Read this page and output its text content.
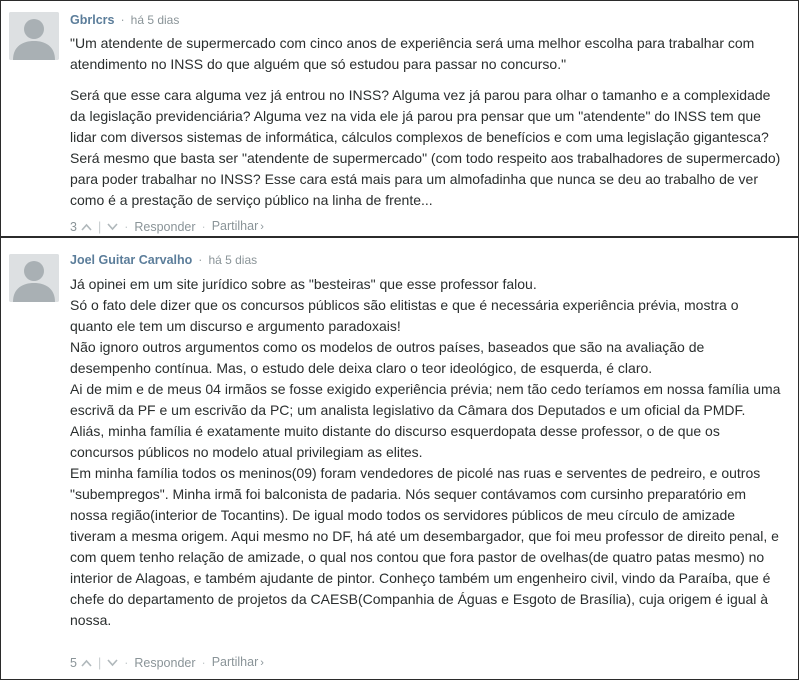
Gbrlcrs · há 5 dias

"Um atendente de supermercado com cinco anos de experiência será uma melhor escolha para trabalhar com atendimento no INSS do que alguém que só estudou para passar no concurso."

Será que esse cara alguma vez já entrou no INSS? Alguma vez já parou para olhar o tamanho e a complexidade da legislação previdenciária? Alguma vez na vida ele já parou pra pensar que um "atendente" do INSS tem que lidar com diversos sistemas de informática, cálculos complexos de benefícios e com uma legislação gigantesca? Será mesmo que basta ser "atendente de supermercado" (com todo respeito aos trabalhadores de supermercado) para poder trabalhar no INSS? Esse cara está mais para um almofadinha que nunca se deu ao trabalho de ver como é a prestação de serviço público na linha de frente...

3 | · Responder · Partilhar ›
Joel Guitar Carvalho · há 5 dias

Já opinei em um site jurídico sobre as "besteiras" que esse professor falou.

Só o fato dele dizer que os concursos públicos são elitistas e que é necessária experiência prévia, mostra o quanto ele tem um discurso e argumento paradoxais!

Não ignoro outros argumentos como os modelos de outros países, baseados que são na avaliação de desempenho contínua. Mas, o estudo dele deixa claro o teor ideológico, de esquerda, é claro.

Ai de mim e de meus 04 irmãos se fosse exigido experiência prévia; nem tão cedo teríamos em nossa família uma escrivã da PF e um escrivão da PC; um analista legislativo da Câmara dos Deputados e um oficial da PMDF.

Aliás, minha família é exatamente muito distante do discurso esquerdopata desse professor, o de que os concursos públicos no modelo atual privilegiam as elites.

Em minha família todos os meninos(09) foram vendedores de picolé nas ruas e serventes de pedreiro, e outros "subempregos". Minha irmã foi balconista de padaria. Nós sequer contávamos com cursinho preparatório em nossa região(interior de Tocantins). De igual modo todos os servidores públicos de meu círculo de amizade tiveram a mesma origem. Aqui mesmo no DF, há até um desembargador, que foi meu professor de direito penal, e com quem tenho relação de amizade, o qual nos contou que fora pastor de ovelhas(de quatro patas mesmo) no interior de Alagoas, e também ajudante de pintor. Conheço também um engenheiro civil, vindo da Paraíba, que é chefe do departamento de projetos da CAESB(Companhia de Águas e Esgoto de Brasília), cuja origem é igual à nossa.

5 | · Responder · Partilhar ›
